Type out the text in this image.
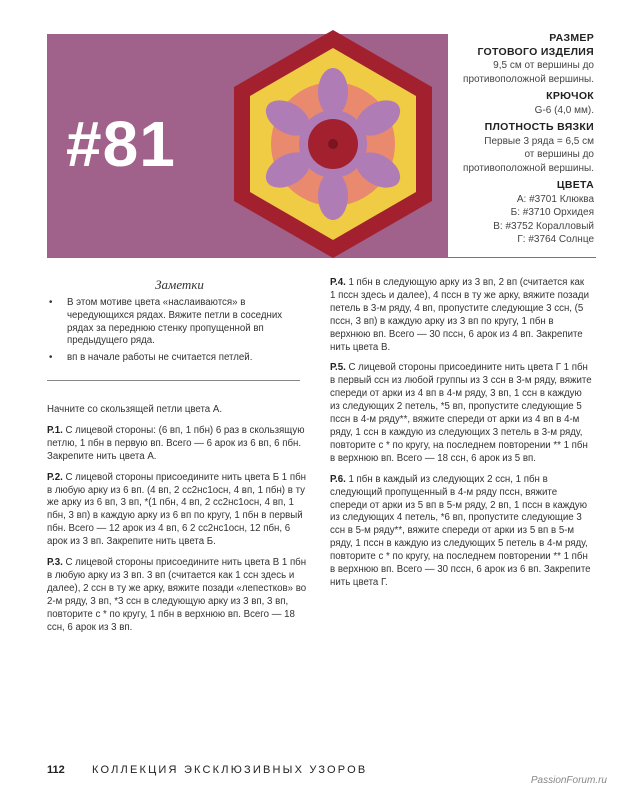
#81
РАЗМЕР
ГОТОВОГО ИЗДЕЛИЯ
9,5 см от вершины до
противоположной вершины.
КРЮЧОК
G-6 (4,0 мм).
ПЛОТНОСТЬ ВЯЗКИ
Первые 3 ряда = 6,5 см
от вершины до
противоположной вершины.
ЦВЕТА
А: #3701 Клюква
Б: #3710 Орхидея
В: #3752 Коралловый
Г: #3764 Солнце
Заметки
• В этом мотиве цвета «наслаиваются» в чередующихся рядах. Вяжите петли в соседних рядах за переднюю стенку пропущенной вп предыдущего ряда.
• вп в начале работы не считается петлей.

Начните со скользящей петли цвета А.

Р.1. С лицевой стороны: (6 вп, 1 пбн) 6 раз в скользящую петлю, 1 пбн в первую вп. Всего — 6 арок из 6 вп, 6 пбн. Закрепите нить цвета А.

Р.2. С лицевой стороны присоедините нить цвета Б 1 пбн в любую арку из 6 вп. (4 вп, 2 сс2нс1осн, 4 вп, 1 пбн) в ту же арку из 6 вп, 3 вп, *(1 пбн, 4 вп, 2 сс2нс1осн, 4 вп, 1 пбн, 3 вп) в каждую арку из 6 вп по кругу, 1 пбн в первый пбн. Всего — 12 арок из 4 вп, 6 2 сс2нс1осн, 12 пбн, 6 арок из 3 вп. Закрепите нить цвета Б.

Р.3. С лицевой стороны присоедините нить цвета В 1 пбн в любую арку из 3 вп. 3 вп (считается как 1 ссн здесь и далее), 2 ссн в ту же арку, вяжите позади «лепестков» во 2-м ряду, 3 вп, *3 ссн в следующую арку из 3 вп, 3 вп, повторите с * по кругу, 1 пбн в верхнюю вп. Всего — 18 ссн, 6 арок из 3 вп.

Р.4. 1 пбн в следующую арку из 3 вп, 2 вп (считается как 1 пссн здесь и далее), 4 пссн в ту же арку, вяжите позади петель в 3-м ряду, 4 вп, пропустите следующие 3 ссн, (5 пссн, 3 вп) в каждую арку из 3 вп по кругу, 1 пбн в верхнюю вп. Всего — 30 пссн, 6 арок из 4 вп. Закрепите нить цвета В.

Р.5. С лицевой стороны присоедините нить цвета Г 1 пбн в первый ссн из любой группы из 3 ссн в 3-м ряду, вяжите спереди от арки из 4 вп в 4-м ряду, 3 вп, 1 ссн в каждую из следующих 2 петель, *5 вп, пропустите следующие 5 пссн в 4-м ряду**, вяжите спереди от арки из 4 вп в 4-м ряду, 1 ссн в каждую из следующих 3 петель в 3-м ряду, повторите с * по кругу, на последнем повторении ** 1 пбн в верхнюю вп. Всего — 18 ссн, 6 арок из 5 вп.

Р.6. 1 пбн в каждый из следующих 2 ссн, 1 пбн в следующий пропущенный в 4-м ряду пссн, вяжите спереди от арки из 5 вп в 5-м ряду, 2 вп, 1 пссн в каждую из следующих 4 петель, *6 вп, пропустите следующие 3 ссн в 5-м ряду**, вяжите спереди от арки из 5 вп в 5-м ряду, 1 пссн в каждую из следующих 5 петель в 4-м ряду, повторите с * по кругу, на последнем повторении ** 1 пбн в верхнюю вп. Всего — 30 пссн, 6 арок из 6 вп. Закрепите нить цвета Г.

112 КОЛЛЕКЦИЯ ЭКСКЛЮЗИВНЫХ УЗОРОВ
PassionForum.ru
